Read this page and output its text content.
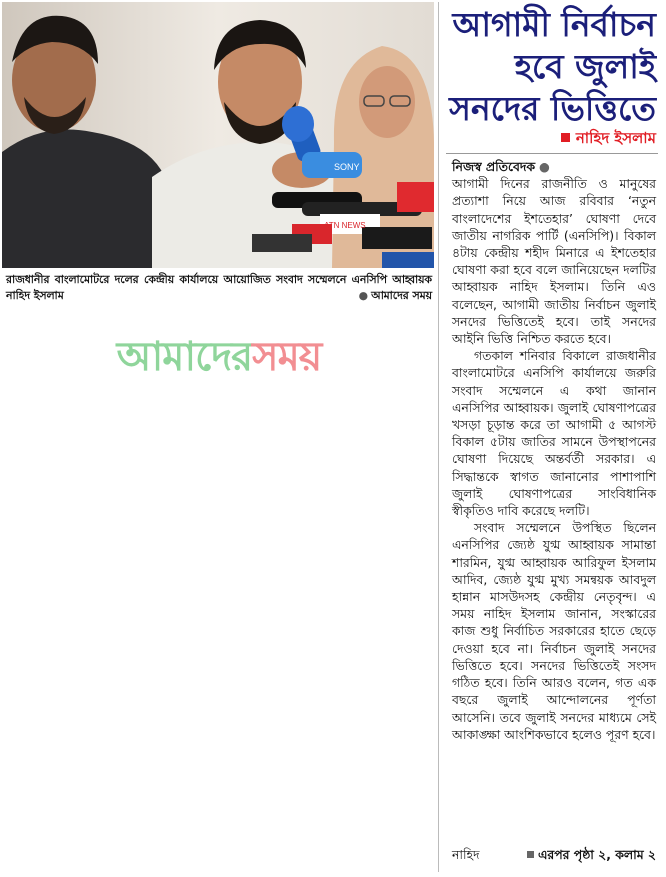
SONY
ATN NEWS
রাজধানীর বাংলামোটরে দলের কেন্দ্রীয় কার্যালয়ে আয়োজিত সংবাদ সম্মেলনে এনসিপি আহ্বায়ক নাহিদ ইসলাম	● আমাদের সময়
আমাদেরসময়
আগামী নির্বাচন
হবে জুলাই
সনদের ভিত্তিতে
নাহিদ ইসলাম
নিজস্ব প্রতিবেদক ●

আগামী দিনের রাজনীতি ও মানুষের প্রত্যাশা নিয়ে আজ রবিবার ‘নতুন বাংলাদেশের ইশতেহার’ ঘোষণা দেবে জাতীয় নাগরিক পার্টি (এনসিপি)। বিকাল ৪টায় কেন্দ্রীয় শহীদ মিনারে এ ইশতেহার ঘোষণা করা হবে বলে জানিয়েছেন দলটির আহ্বায়ক নাহিদ ইসলাম। তিনি এও বলেছেন, আগামী জাতীয় নির্বাচন জুলাই সনদের ভিত্তিতেই হবে। তাই সনদের আইনি ভিত্তি নিশ্চিত করতে হবে।

গতকাল শনিবার বিকালে রাজধানীর বাংলামোটরে এনসিপি কার্যালয়ে জরুরি সংবাদ সম্মেলনে এ কথা জানান এনসিপির আহ্বায়ক। জুলাই ঘোষণাপত্রের খসড়া চূড়ান্ত করে তা আগামী ৫ আগস্ট বিকাল ৫টায় জাতির সামনে উপস্থাপনের ঘোষণা দিয়েছে অন্তর্বর্তী সরকার। এ সিদ্ধান্তকে স্বাগত জানানোর পাশাপাশি জুলাই ঘোষণাপত্রের সাংবিধানিক স্বীকৃতিও দাবি করেছে দলটি।

সংবাদ সম্মেলনে উপস্থিত ছিলেন এনসিপির জ্যেষ্ঠ যুগ্ম আহ্বায়ক সামান্তা শারমিন, যুগ্ম আহ্বায়ক আরিফুল ইসলাম আদিব, জ্যেষ্ঠ যুগ্ম মুখ্য সমন্বয়ক আবদুল হান্নান মাসউদসহ কেন্দ্রীয় নেতৃবৃন্দ। এ সময় নাহিদ ইসলাম জানান, সংস্কারের কাজ শুধু নির্বাচিত সরকারের হাতে ছেড়ে দেওয়া হবে না। নির্বাচন জুলাই সনদের ভিত্তিতে হবে। সনদের ভিত্তিতেই সংসদ গঠিত হবে। তিনি আরও বলেন, গত এক বছরে জুলাই আন্দোলনের পূর্ণতা আসেনি। তবে জুলাই সনদের মাধ্যমে সেই আকাঙ্ক্ষা আংশিকভাবে হলেও পূরণ হবে।

নাহিদ	এরপর পৃষ্ঠা ২, কলাম ২
